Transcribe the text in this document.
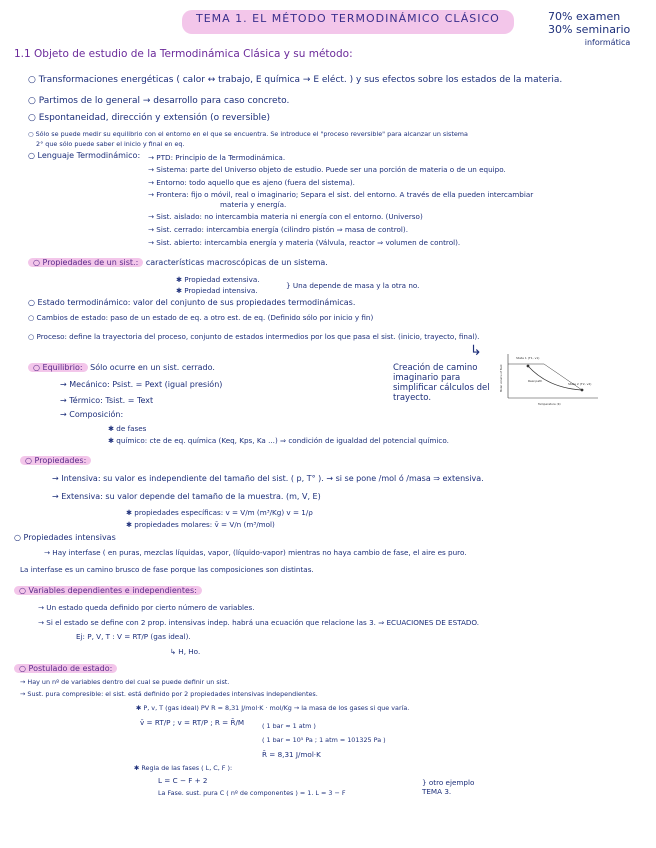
TEMA 1. EL MÉTODO TERMODINÁMICO CLÁSICO	70% examen
30% seminario
informática
1.1 Objeto de estudio de la Termodinámica Clásica y su método:
○ Transformaciones energéticas ( calor ↔ trabajo, E química → E eléct. ) y sus efectos sobre los estados de la materia.
○ Partimos de lo general → desarrollo para caso concreto.
○ Espontaneidad, dirección y extensión (o reversible)
○ Sólo se puede medir su equilibrio con el entorno en el que se encuentra. Se introduce el "proceso reversible" para alcanzar un sistema
2° que sólo puede saber el inicio y final en eq.
○ Lenguaje Termodinámico: → PTD: Principio de la Termodinámica.
→ Sistema: parte del Universo objeto de estudio. Puede ser una porción de materia o de un equipo.
→ Entorno: todo aquello que es ajeno (fuera del sistema).
→ Frontera: fijo o móvil, real o imaginario; Separa el sist. del entorno. A través de ella pueden intercambiar
materia y energía.
→ Sist. aislado: no intercambia materia ni energía con el entorno. (Universo)
→ Sist. cerrado: intercambia energía (cilindro pistón ⇒ masa de control).
→ Sist. abierto: intercambia energía y materia (Válvula, reactor ⇒ volumen de control).
○ Propiedades de un sist.: características macroscópicas de un sistema.
✱ Propiedad extensiva.
✱ Propiedad intensiva.
} Una depende de masa y la otra no.
○ Estado termodinámico: valor del conjunto de sus propiedades termodinámicas.
○ Cambios de estado: paso de un estado de eq. a otro est. de eq. (Definido sólo por inicio y fin)
○ Proceso: define la trayectoria del proceso, conjunto de estados intermedios por los que pasa el sist. (inicio, trayecto, final).
○ Equilibrio: Sólo ocurre en un sist. cerrado.
→ Mecánico: Psist. = Pext (igual presión)
→ Térmico: Tsist. = Text
→ Composición:
✱ de fases
✱ químico: cte de eq. química (Keq, Kps, Ka ...) ⇒ condición de igualdad del potencial químico.
↳
Creación de camino imaginario para simplificar cálculos del trayecto.
State 1 (T1, v1)
State 2 (T2, v2)
Real path
Molar volume of fluid
Temperature (K)
○ Propiedades:
→ Intensiva: su valor es independiente del tamaño del sist. ( p, T° ). → si se pone /mol ó /masa ⇒ extensiva.
→ Extensiva: su valor depende del tamaño de la muestra. (m, V, E)
✱ propiedades específicas: v = V/m (m³/Kg) v = 1/ρ
✱ propiedades molares: v̄ = V/n (m³/mol)
○ Propiedades intensivas
→ Hay interfase ( en puras, mezclas líquidas, vapor, (líquido-vapor) mientras no haya cambio de fase, el aire es puro.
La interfase es un camino brusco de fase porque las composiciones son distintas.
○ Variables dependientes e independientes:
→ Un estado queda definido por cierto número de variables.
→ Si el estado se define con 2 prop. intensivas indep. habrá una ecuación que relacione las 3. ⇒ ECUACIONES DE ESTADO.
Ej: P, V, T : V = RT/P (gas ideal).
↳ H, Ho.
○ Postulado de estado:
→ Hay un nº de variables dentro del cual se puede definir un sist.
→ Sust. pura compresible: el sist. está definido por 2 propiedades intensivas independientes.
✱ P, v, T (gas ideal) PV R = 8,31 J/mol·K · mol/Kg → la masa de los gases si que varía.
v̄ = RT/P ; v = RT/P ; R = R̄/M	( 1 bar ≈ 1 atm )
( 1 bar = 10⁵ Pa ; 1 atm = 101325 Pa )
R̄ = 8,31 J/mol·K
✱ Regla de las fases ( L, C, F ):
L = C − F + 2
La Fase. sust. pura C ( nº de componentes ) = 1. L = 3 − F
} otro ejemplo TEMA 3.
